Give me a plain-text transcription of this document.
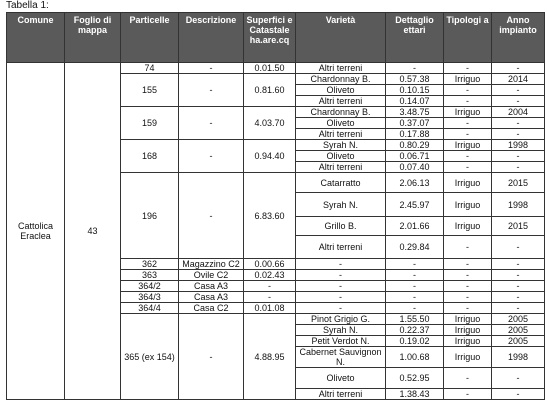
Tabella 1:
Comune	Foglio di mappa	Particelle	Descrizione	Superfici e Catastale ha.are.cq	Varietà	Dettaglio ettari	Tipologi a	Anno impianto
Cattolica Eraclea	43	74	-	0.01.50	Altri terreni	-	-	-
		155	-	0.81.60	Chardonnay B.	0.57.38	Irriguo	2014
					Oliveto	0.10.15	-	-
					Altri terreni	0.14.07	-	-
		159	-	4.03.70	Chardonnay B.	3.48.75	Irriguo	2004
					Oliveto	0.37.07	-	-
					Altri terreni	0.17.88	-	-
		168	-	0.94.40	Syrah N.	0.80.29	Irriguo	1998
					Oliveto	0.06.71	-	-
					Altri terreni	0.07.40	-	-
		196	-	6.83.60	Catarratto	2.06.13	Irriguo	2015
					Syrah N.	2.45.97	Irriguo	1998
					Grillo B.	2.01.66	Irriguo	2015
					Altri terreni	0.29.84	-	-
		362	Magazzino C2	0.00.66	-	-	-	-
		363	Ovile C2	0.02.43	-	-	-	-
		364/2	Casa A3	-	-	-	-	-
		364/3	Casa A3	-	-	-	-	-
		364/4	Casa C2	0.01.08	-	-	-	-
		365 (ex 154)	-	4.88.95	Pinot Grigio G.	1.55.50	Irriguo	2005
					Syrah N.	0.22.37	Irriguo	2005
					Petit Verdot N.	0.19.02	Irriguo	2005
					Cabernet Sauvignon N.	1.00.68	Irriguo	1998
					Oliveto	0.52.95	-	-
					Altri terreni	1.38.43	-	-
